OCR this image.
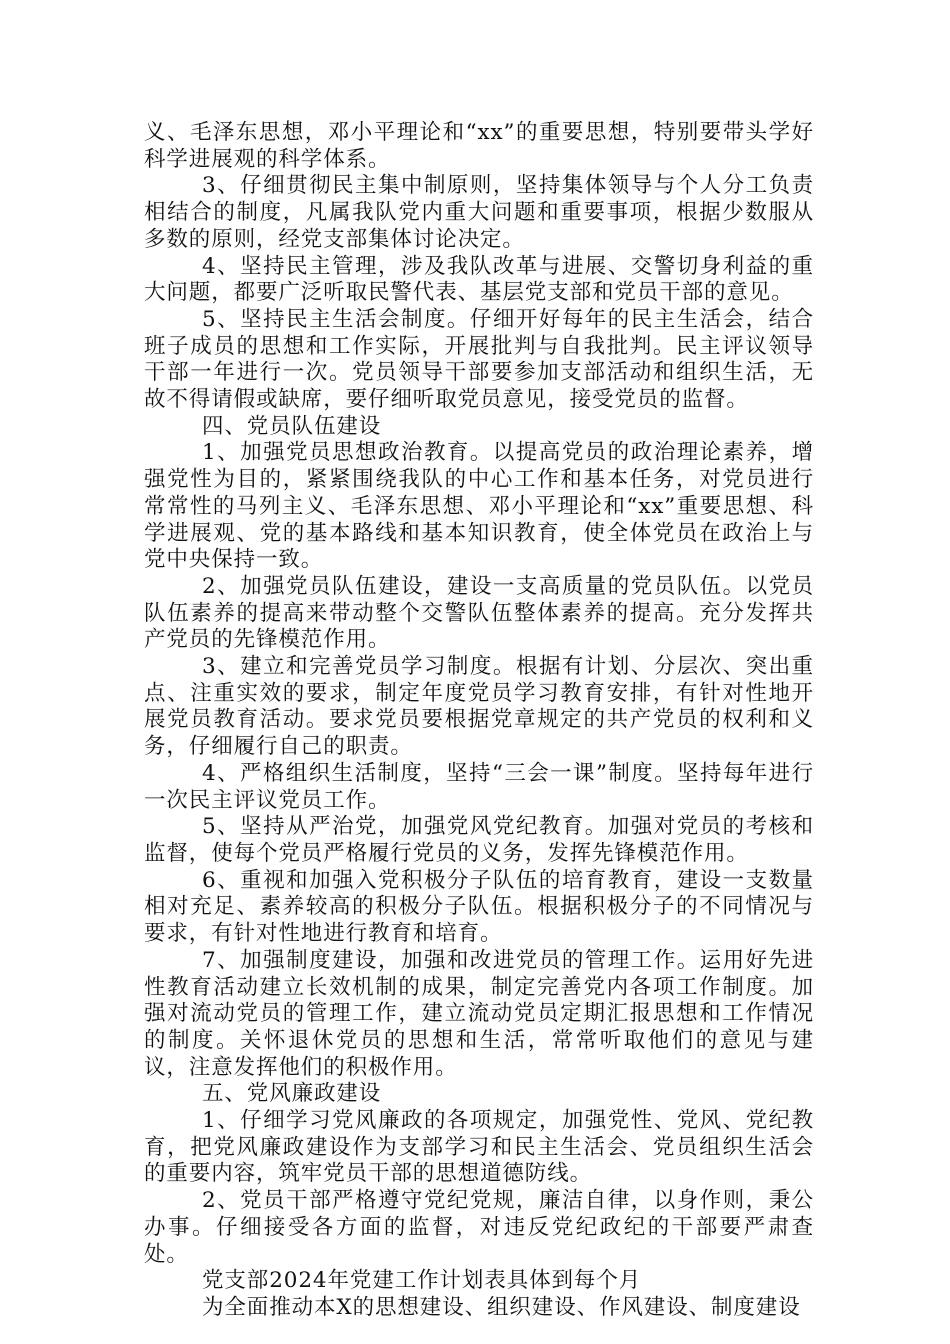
义、毛泽东思想，邓小平理论和“xx”的重要思想，特别要带头学好科学进展观的科学体系。

3、仔细贯彻民主集中制原则，坚持集体领导与个人分工负责相结合的制度，凡属我队党内重大问题和重要事项，根据少数服从多数的原则，经党支部集体讨论决定。

4、坚持民主管理，涉及我队改革与进展、交警切身利益的重大问题，都要广泛听取民警代表、基层党支部和党员干部的意见。

5、坚持民主生活会制度。仔细开好每年的民主生活会，结合班子成员的思想和工作实际，开展批判与自我批判。民主评议领导干部一年进行一次。党员领导干部要参加支部活动和组织生活，无故不得请假或缺席，要仔细听取党员意见，接受党员的监督。

四、党员队伍建设

1、加强党员思想政治教育。以提高党员的政治理论素养，增强党性为目的，紧紧围绕我队的中心工作和基本任务，对党员进行常常性的马列主义、毛泽东思想、邓小平理论和“xx”重要思想、科学进展观、党的基本路线和基本知识教育，使全体党员在政治上与党中央保持一致。

2、加强党员队伍建设，建设一支高质量的党员队伍。以党员队伍素养的提高来带动整个交警队伍整体素养的提高。充分发挥共产党员的先锋模范作用。

3、建立和完善党员学习制度。根据有计划、分层次、突出重点、注重实效的要求，制定年度党员学习教育安排，有针对性地开展党员教育活动。要求党员要根据党章规定的共产党员的权利和义务，仔细履行自己的职责。

4、严格组织生活制度，坚持“三会一课”制度。坚持每年进行一次民主评议党员工作。

5、坚持从严治党，加强党风党纪教育。加强对党员的考核和监督，使每个党员严格履行党员的义务，发挥先锋模范作用。

6、重视和加强入党积极分子队伍的培育教育，建设一支数量相对充足、素养较高的积极分子队伍。根据积极分子的不同情况与要求，有针对性地进行教育和培育。

7、加强制度建设，加强和改进党员的管理工作。运用好先进性教育活动建立长效机制的成果，制定完善党内各项工作制度。加强对流动党员的管理工作，建立流动党员定期汇报思想和工作情况的制度。关怀退休党员的思想和生活，常常听取他们的意见与建议，注意发挥他们的积极作用。

五、党风廉政建设

1、仔细学习党风廉政的各项规定，加强党性、党风、党纪教育，把党风廉政建设作为支部学习和民主生活会、党员组织生活会的重要内容，筑牢党员干部的思想道德防线。

2、党员干部严格遵守党纪党规，廉洁自律，以身作则，秉公办事。仔细接受各方面的监督，对违反党纪政纪的干部要严肃查处。

党支部2024年党建工作计划表具体到每个月

为全面推动本X的思想建设、组织建设、作风建设、制度建设
